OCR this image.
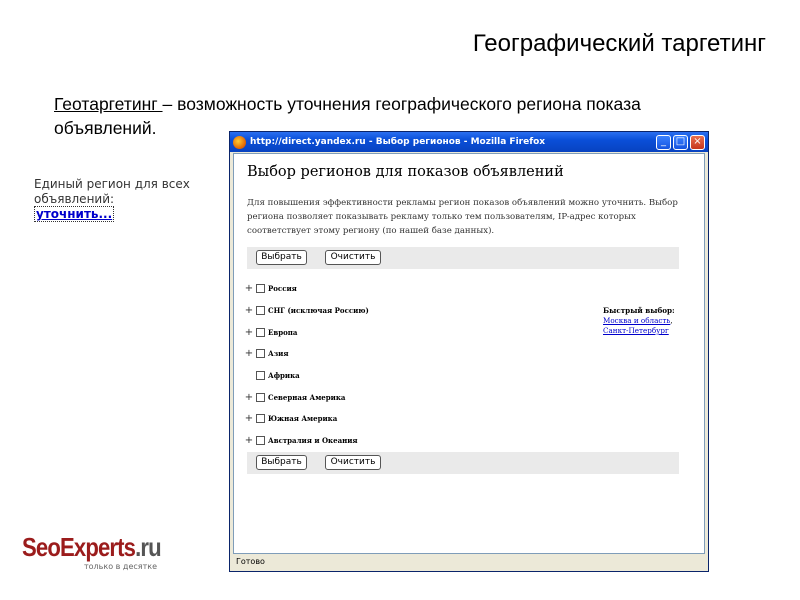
Географический таргетинг
Геотаргетинг – возможность уточнения географического региона показа объявлений.
Единый регион для всех
объявлений:
уточнить...
SeoExperts.ru
только в десятке
http://direct.yandex.ru - Выбор регионов - Mozilla Firefox	_ □ ×
Выбор регионов для показов объявлений
Для повышения эффективности рекламы регион показов объявлений можно уточнить. Выбор региона позволяет показывать рекламу только тем пользователям, IP-адрес которых соответствует этому региону (по нашей базе данных).
Выбрать	Очистить
+	Россия
+	СНГ (исключая Россию)
+	Европа
+	Азия
Африка
+	Северная Америка
+	Южная Америка
+	Австралия и Океания
Быстрый выбор:
Москва и область,
Санкт-Петербург
Выбрать	Очистить
Готово
